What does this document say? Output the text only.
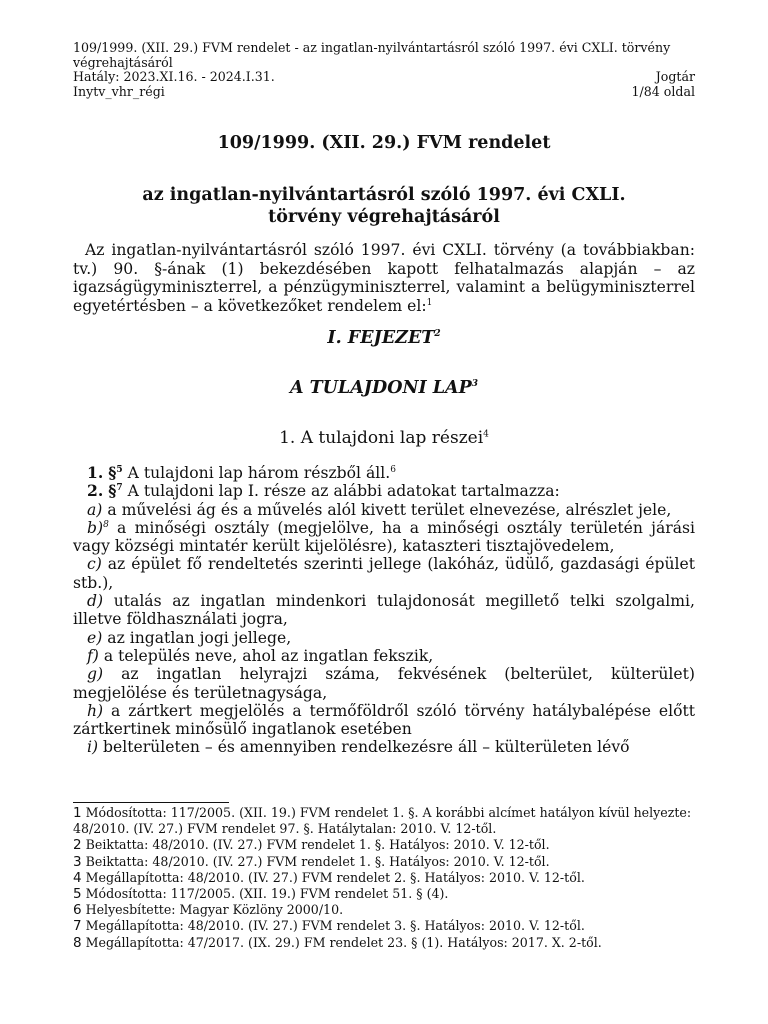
109/1999. (XII. 29.) FVM rendelet - az ingatlan-nyilvántartásról szóló 1997. évi CXLI. törvény végrehajtásáról
Hatály: 2023.XI.16. - 2024.I.31.	Jogtár
Inytv_vhr_régi	1/84 oldal
109/1999. (XII. 29.) FVM rendelet
az ingatlan-nyilvántartásról szóló 1997. évi CXLI.
törvény végrehajtásáról
Az ingatlan-nyilvántartásról szóló 1997. évi CXLI. törvény (a továbbiakban: tv.) 90. §-ának (1) bekezdésében kapott felhatalmazás alapján – az igazságügyminiszterrel, a pénzügyminiszterrel, valamint a belügyminiszterrel egyetértésben – a következőket rendelem el:$^1$
I. FEJEZET$^2$
A TULAJDONI LAP$^3$
1. A tulajdoni lap részei$^4$

1. §$^5$ A tulajdoni lap három részből áll.$^6$

2. §$^7$ A tulajdoni lap I. része az alábbi adatokat tartalmazza:

a) a művelési ág és a művelés alól kivett terület elnevezése, alrészlet jele,

b)$^8$ a minőségi osztály (megjelölve, ha a minőségi osztály területén járási vagy községi mintatér került kijelölésre), kataszteri tisztajövedelem,

c) az épület fő rendeltetés szerinti jellege (lakóház, üdülő, gazdasági épület stb.),

d) utalás az ingatlan mindenkori tulajdonosát megillető telki szolgalmi, illetve földhasználati jogra,

e) az ingatlan jogi jellege,

f) a település neve, ahol az ingatlan fekszik,

g) az ingatlan helyrajzi száma, fekvésének (belterület, külterület) megjelölése és területnagysága,

h) a zártkert megjelölés a termőföldről szóló törvény hatálybalépése előtt zártkertinek minősülő ingatlanok esetében

i) belterületen – és amennyiben rendelkezésre áll – külterületen lévő

1 Módosította: 117/2005. (XII. 19.) FVM rendelet 1. §. A korábbi alcímet hatályon kívül helyezte: 48/2010. (IV. 27.) FVM rendelet 97. §. Hatálytalan: 2010. V. 12-től.
2 Beiktatta: 48/2010. (IV. 27.) FVM rendelet 1. §. Hatályos: 2010. V. 12-től.
3 Beiktatta: 48/2010. (IV. 27.) FVM rendelet 1. §. Hatályos: 2010. V. 12-től.
4 Megállapította: 48/2010. (IV. 27.) FVM rendelet 2. §. Hatályos: 2010. V. 12-től.
5 Módosította: 117/2005. (XII. 19.) FVM rendelet 51. § (4).
6 Helyesbítette: Magyar Közlöny 2000/10.
7 Megállapította: 48/2010. (IV. 27.) FVM rendelet 3. §. Hatályos: 2010. V. 12-től.
8 Megállapította: 47/2017. (IX. 29.) FM rendelet 23. § (1). Hatályos: 2017. X. 2-től.
